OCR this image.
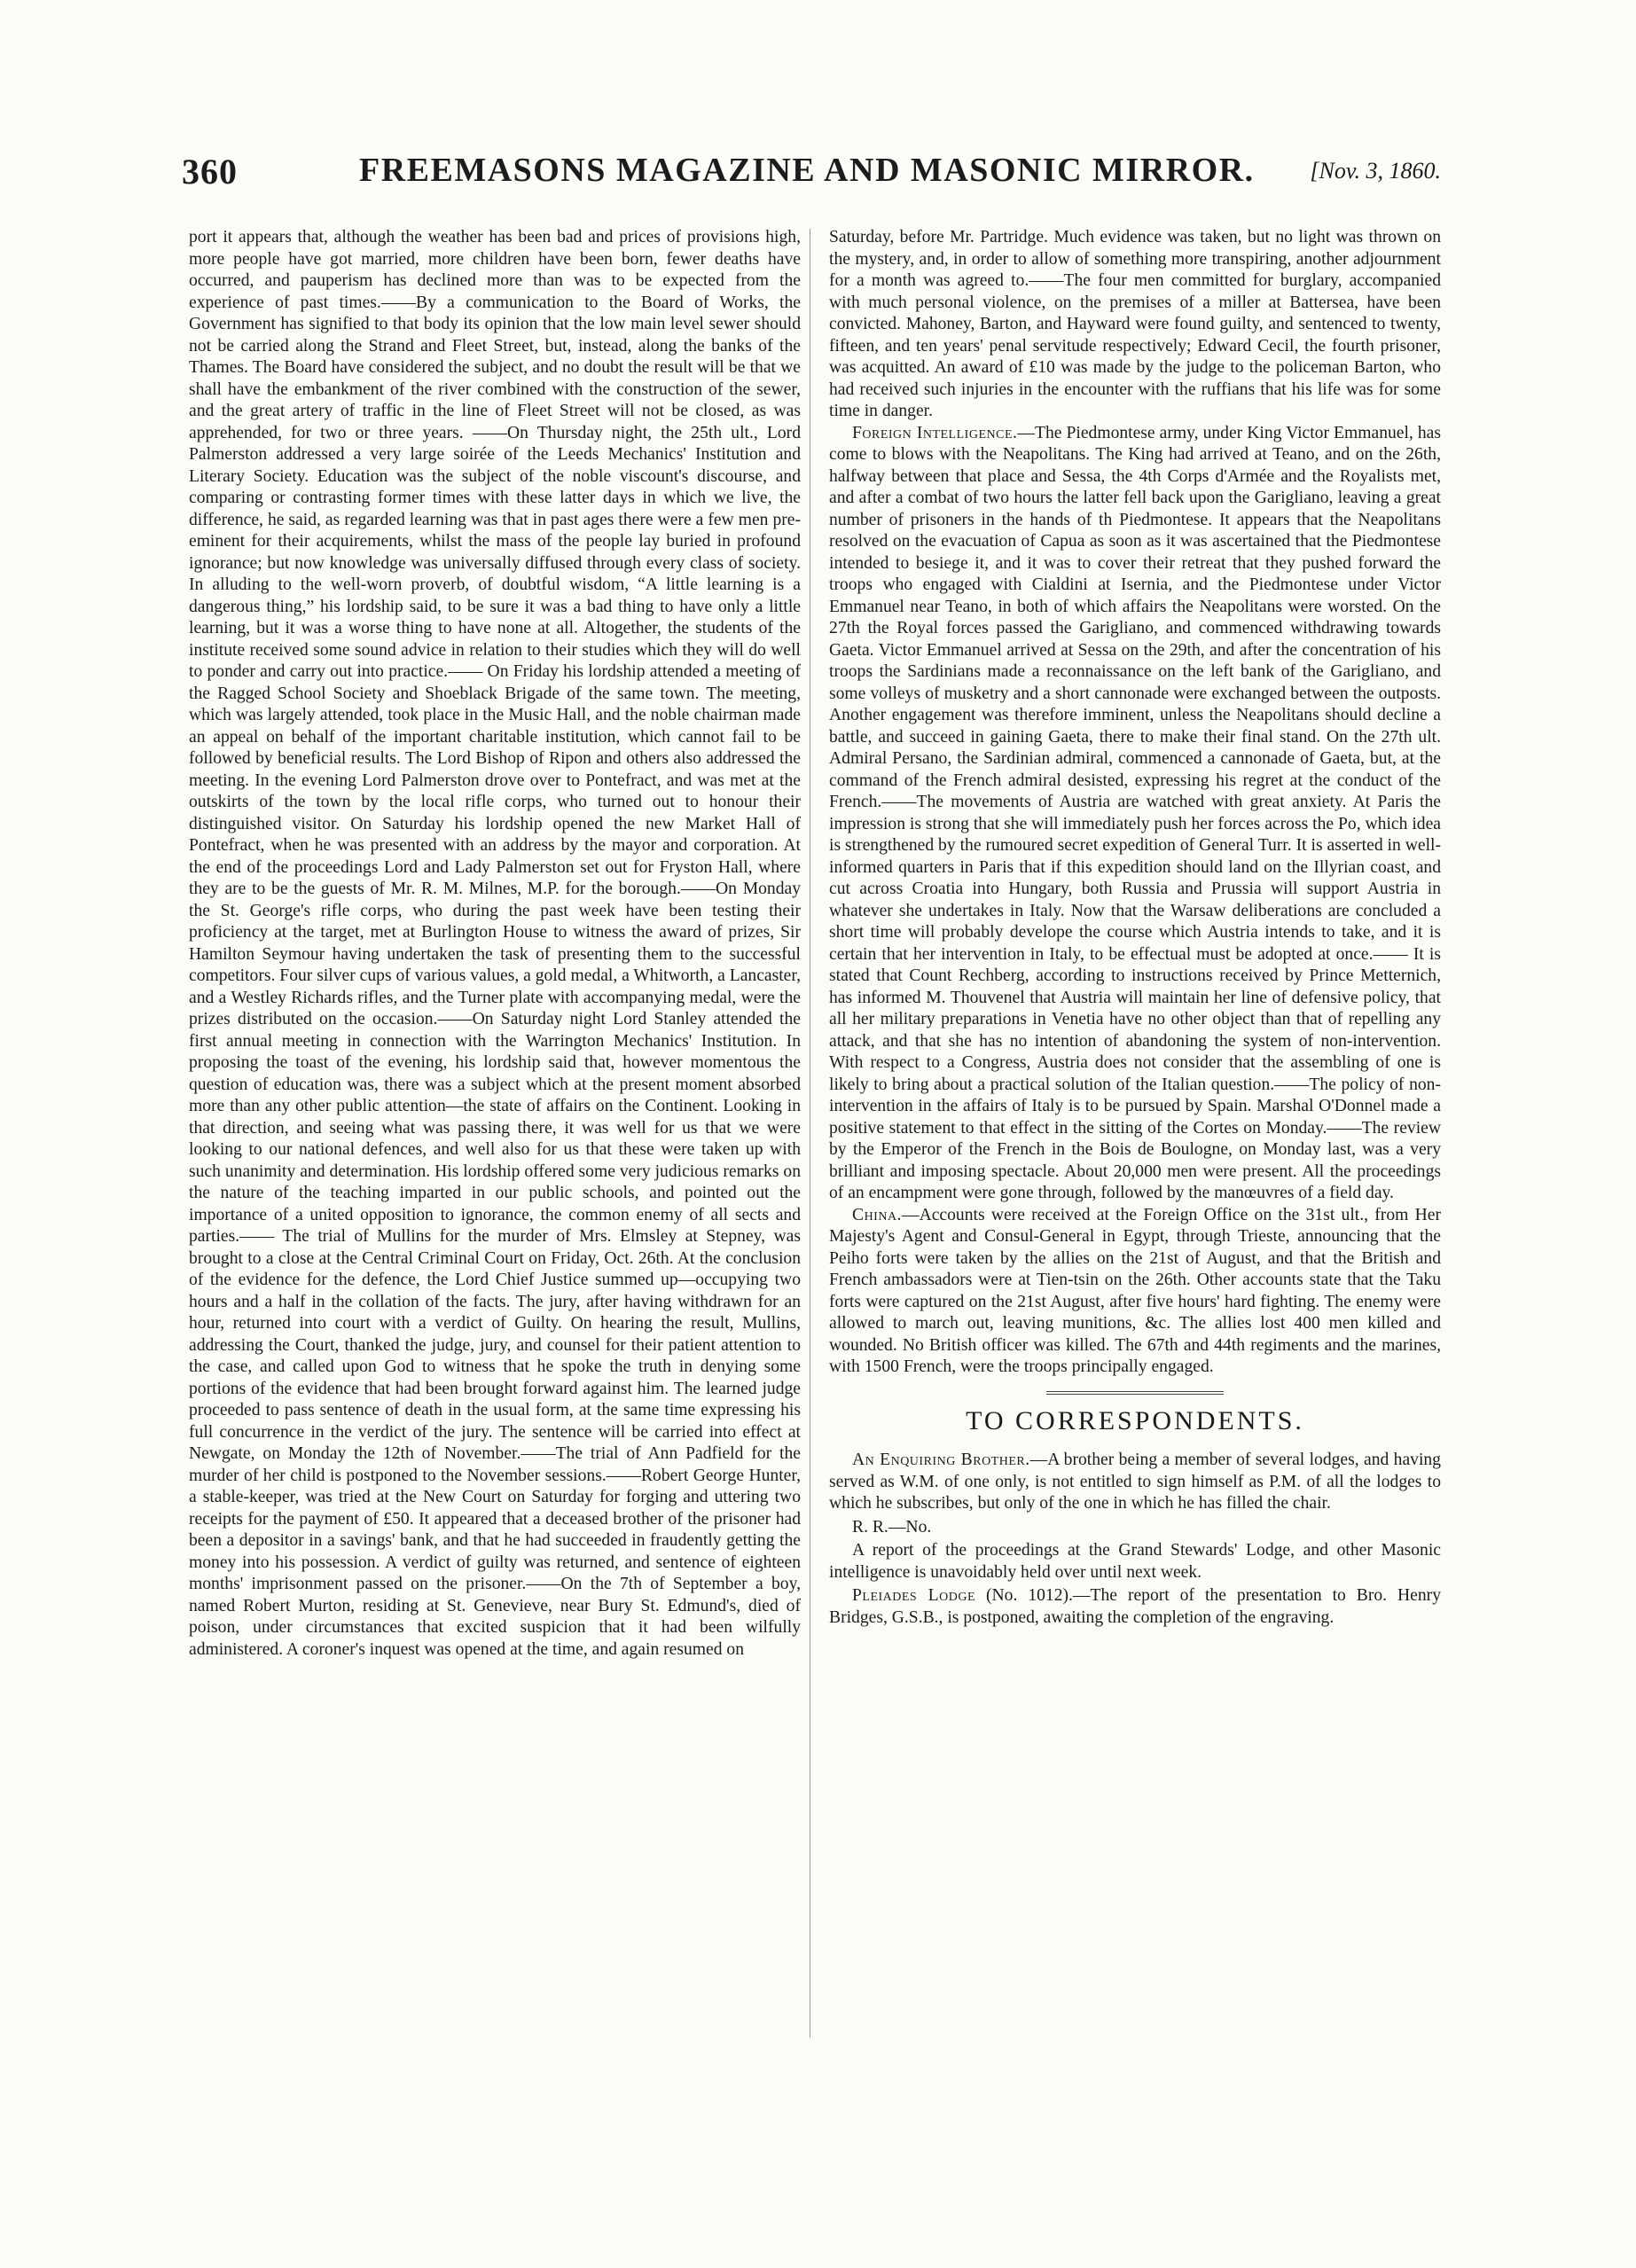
360	FREEMASONS MAGAZINE AND MASONIC MIRROR. [Nov. 3, 1860.

port it appears that, although the weather has been bad and prices of provisions high, more people have got married, more children have been born, fewer deaths have occurred, and pauperism has declined more than was to be expected from the experience of past times.——By a communication to the Board of Works, the Government has signified to that body its opinion that the low main level sewer should not be carried along the Strand and Fleet Street, but, instead, along the banks of the Thames. The Board have considered the subject, and no doubt the result will be that we shall have the embankment of the river combined with the construction of the sewer, and the great artery of traffic in the line of Fleet Street will not be closed, as was apprehended, for two or three years. ——On Thursday night, the 25th ult., Lord Palmerston addressed a very large soirée of the Leeds Mechanics' Institution and Literary Society. Education was the subject of the noble viscount's discourse, and comparing or contrasting former times with these latter days in which we live, the difference, he said, as regarded learning was that in past ages there were a few men pre-eminent for their acquirements, whilst the mass of the people lay buried in profound ignorance; but now knowledge was universally diffused through every class of society. In alluding to the well-worn proverb, of doubtful wisdom, “A little learning is a dangerous thing,” his lordship said, to be sure it was a bad thing to have only a little learning, but it was a worse thing to have none at all. Altogether, the students of the institute received some sound advice in relation to their studies which they will do well to ponder and carry out into practice.—— On Friday his lordship attended a meeting of the Ragged School Society and Shoeblack Brigade of the same town. The meeting, which was largely attended, took place in the Music Hall, and the noble chairman made an appeal on behalf of the important charitable institution, which cannot fail to be followed by beneficial results. The Lord Bishop of Ripon and others also addressed the meeting. In the evening Lord Palmerston drove over to Pontefract, and was met at the outskirts of the town by the local rifle corps, who turned out to honour their distinguished visitor. On Saturday his lordship opened the new Market Hall of Pontefract, when he was presented with an address by the mayor and corporation. At the end of the proceedings Lord and Lady Palmerston set out for Fryston Hall, where they are to be the guests of Mr. R. M. Milnes, M.P. for the borough.——On Monday the St. George's rifle corps, who during the past week have been testing their proficiency at the target, met at Burlington House to witness the award of prizes, Sir Hamilton Seymour having undertaken the task of presenting them to the successful competitors. Four silver cups of various values, a gold medal, a Whitworth, a Lancaster, and a Westley Richards rifles, and the Turner plate with accompanying medal, were the prizes distributed on the occasion.——On Saturday night Lord Stanley attended the first annual meeting in connection with the Warrington Mechanics' Institution. In proposing the toast of the evening, his lordship said that, however momentous the question of education was, there was a subject which at the present moment absorbed more than any other public attention—the state of affairs on the Continent. Looking in that direction, and seeing what was passing there, it was well for us that we were looking to our national defences, and well also for us that these were taken up with such unanimity and determination. His lordship offered some very judicious remarks on the nature of the teaching imparted in our public schools, and pointed out the importance of a united opposition to ignorance, the common enemy of all sects and parties.—— The trial of Mullins for the murder of Mrs. Elmsley at Stepney, was brought to a close at the Central Criminal Court on Friday, Oct. 26th. At the conclusion of the evidence for the defence, the Lord Chief Justice summed up—occupying two hours and a half in the collation of the facts. The jury, after having withdrawn for an hour, returned into court with a verdict of Guilty. On hearing the result, Mullins, addressing the Court, thanked the judge, jury, and counsel for their patient attention to the case, and called upon God to witness that he spoke the truth in denying some portions of the evidence that had been brought forward against him. The learned judge proceeded to pass sentence of death in the usual form, at the same time expressing his full concurrence in the verdict of the jury. The sentence will be carried into effect at Newgate, on Monday the 12th of November.——The trial of Ann Padfield for the murder of her child is postponed to the November sessions.——Robert George Hunter, a stable-keeper, was tried at the New Court on Saturday for forging and uttering two receipts for the payment of £50. It appeared that a deceased brother of the prisoner had been a depositor in a savings' bank, and that he had succeeded in fraudently getting the money into his possession. A verdict of guilty was returned, and sentence of eighteen months' imprisonment passed on the prisoner.——On the 7th of September a boy, named Robert Murton, residing at St. Genevieve, near Bury St. Edmund's, died of poison, under circumstances that excited suspicion that it had been wilfully administered. A coroner's inquest was opened at the time, and again resumed on

Saturday, before Mr. Partridge. Much evidence was taken, but no light was thrown on the mystery, and, in order to allow of something more transpiring, another adjournment for a month was agreed to.——The four men committed for burglary, accompanied with much personal violence, on the premises of a miller at Battersea, have been convicted. Mahoney, Barton, and Hayward were found guilty, and sentenced to twenty, fifteen, and ten years' penal servitude respectively; Edward Cecil, the fourth prisoner, was acquitted. An award of £10 was made by the judge to the policeman Barton, who had received such injuries in the encounter with the ruffians that his life was for some time in danger.

Foreign Intelligence.—The Piedmontese army, under King Victor Emmanuel, has come to blows with the Neapolitans. The King had arrived at Teano, and on the 26th, halfway between that place and Sessa, the 4th Corps d'Armée and the Royalists met, and after a combat of two hours the latter fell back upon the Garigliano, leaving a great number of prisoners in the hands of th Piedmontese. It appears that the Neapolitans resolved on the evacuation of Capua as soon as it was ascertained that the Piedmontese intended to besiege it, and it was to cover their retreat that they pushed forward the troops who engaged with Cialdini at Isernia, and the Piedmontese under Victor Emmanuel near Teano, in both of which affairs the Neapolitans were worsted. On the 27th the Royal forces passed the Garigliano, and commenced withdrawing towards Gaeta. Victor Emmanuel arrived at Sessa on the 29th, and after the concentration of his troops the Sardinians made a reconnaissance on the left bank of the Garigliano, and some volleys of musketry and a short cannonade were exchanged between the outposts. Another engagement was therefore imminent, unless the Neapolitans should decline a battle, and succeed in gaining Gaeta, there to make their final stand. On the 27th ult. Admiral Persano, the Sardinian admiral, commenced a cannonade of Gaeta, but, at the command of the French admiral desisted, expressing his regret at the conduct of the French.——The movements of Austria are watched with great anxiety. At Paris the impression is strong that she will immediately push her forces across the Po, which idea is strengthened by the rumoured secret expedition of General Turr. It is asserted in well-informed quarters in Paris that if this expedition should land on the Illyrian coast, and cut across Croatia into Hungary, both Russia and Prussia will support Austria in whatever she undertakes in Italy. Now that the Warsaw deliberations are concluded a short time will probably develope the course which Austria intends to take, and it is certain that her intervention in Italy, to be effectual must be adopted at once.—— It is stated that Count Rechberg, according to instructions received by Prince Metternich, has informed M. Thouvenel that Austria will maintain her line of defensive policy, that all her military preparations in Venetia have no other object than that of repelling any attack, and that she has no intention of abandoning the system of non-intervention. With respect to a Congress, Austria does not consider that the assembling of one is likely to bring about a practical solution of the Italian question.——The policy of non-intervention in the affairs of Italy is to be pursued by Spain. Marshal O'Donnel made a positive statement to that effect in the sitting of the Cortes on Monday.——The review by the Emperor of the French in the Bois de Boulogne, on Monday last, was a very brilliant and imposing spectacle. About 20,000 men were present. All the proceedings of an encampment were gone through, followed by the manœuvres of a field day.

China.—Accounts were received at the Foreign Office on the 31st ult., from Her Majesty's Agent and Consul-General in Egypt, through Trieste, announcing that the Peiho forts were taken by the allies on the 21st of August, and that the British and French ambassadors were at Tien-tsin on the 26th. Other accounts state that the Taku forts were captured on the 21st August, after five hours' hard fighting. The enemy were allowed to march out, leaving munitions, &c. The allies lost 400 men killed and wounded. No British officer was killed. The 67th and 44th regiments and the marines, with 1500 French, were the troops principally engaged.

TO CORRESPONDENTS.

An Enquiring Brother.—A brother being a member of several lodges, and having served as W.M. of one only, is not entitled to sign himself as P.M. of all the lodges to which he subscribes, but only of the one in which he has filled the chair.

R. R.—No.

A report of the proceedings at the Grand Stewards' Lodge, and other Masonic intelligence is unavoidably held over until next week.

Pleiades Lodge (No. 1012).—The report of the presentation to Bro. Henry Bridges, G.S.B., is postponed, awaiting the completion of the engraving.
